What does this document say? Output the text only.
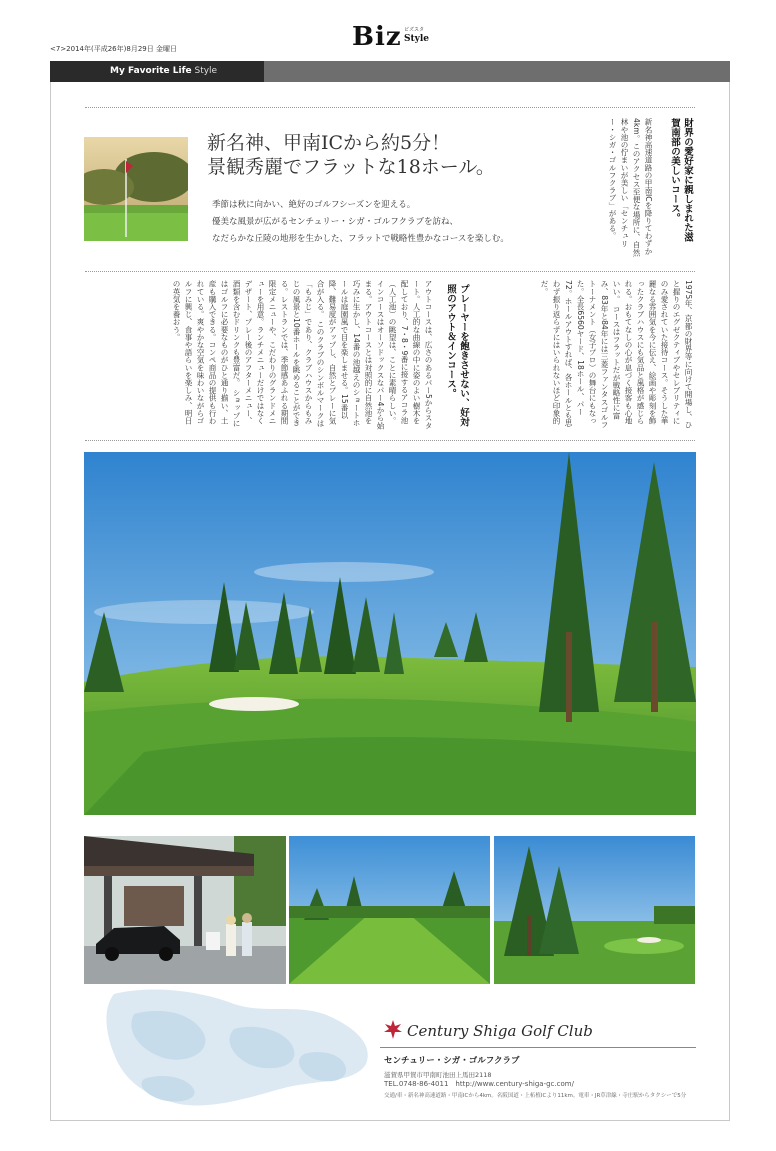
<7>2014年(平成26年)8月29日 金曜日	Biz ビズスタ
Style
My Favorite Life Style
新名神、甲南ICから約5分！
景観秀麗でフラットな18ホール。
季節は秋に向かい、絶好のゴルフシーズンを迎える。
優美な風景が広がるセンチュリー・シガ・ゴルフクラブを訪ね、
なだらかな丘陵の地形を生かした、フラットで戦略性豊かなコースを楽しむ。	財界の愛好家に親しまれた滋賀南部の美しいコース。
新名神高速道路の甲南ICを降りてわずか4km。このアクセス至便な場所に、自然林や池の佇まいが美しい「センチュリー・シガ・ゴルフクラブ」がある。
1975年、京都の財界等に向けて開場し、ひと握りのエグゼクティブやセレブリティにのみ愛されていた接待コース。そうした華麗なる雰囲気を今に伝え、絵画や彫刻を飾ったクラブハウスにも気品と風格が感じられる。おもてなしの心が息づく接客も心地いい。 コースはフラットだが戦略性に富み、83年と84年には三菱ファンタスゴルフトーナメント（女子プロ）の舞台にもなった。全長6560ヤード、18ホール、パー72。ホールアウトすれば、各ホールとも思わず振り返らずにはいられないほど印象的だ。
プレーヤーを飽きさせない、好対照のアウト＆インコース。
アウトコースは、広さのあるパー5からスタート。人工的な曲線の中に姿のよい樹木を配しており、7・8・9番に接するアコラ池（人工池）の眺望は、ことに素晴らしい。 インコースはオーソドックスなパー4から始まる。アウトコースとは対照的に自然池を巧みに生かし、14番の池越えのショートホールは庭園風で目を楽しませる。15番以降、難易度がアップし、自然とプレーに気合が入る。 このクラブのシンボルマークは「もみじ」であり、クラブハウスからもみじの風景と10番ホールを眺めることができる。レストランでは、季節感あふれる期間限定メニューや、こだわりのグランドメニューを用意。ランチメニューだけではなくデザート、プレー後のアフターメニュー、酒類を含むドリンクも豊富だ。 ショップにはゴルフに必要なものがひと通り揃い、土産も購入できる。コンペ商品の提供も行われている。爽やかな空気を味わいながらゴルフに興じ、食事や語らいを楽しみ、明日の英気を養おう。
Century Shiga Golf Club
センチュリー・シガ・ゴルフクラブ
滋賀県甲賀市甲南町池田上馬田2118
TEL.0748-86-4011　http://www.century-shiga-gc.com/
交通/車・新名神高速道路・甲南ICから4km。名阪国道・上柘植ICより11km。電車・JR草津線・寺庄駅からタクシーで5分
